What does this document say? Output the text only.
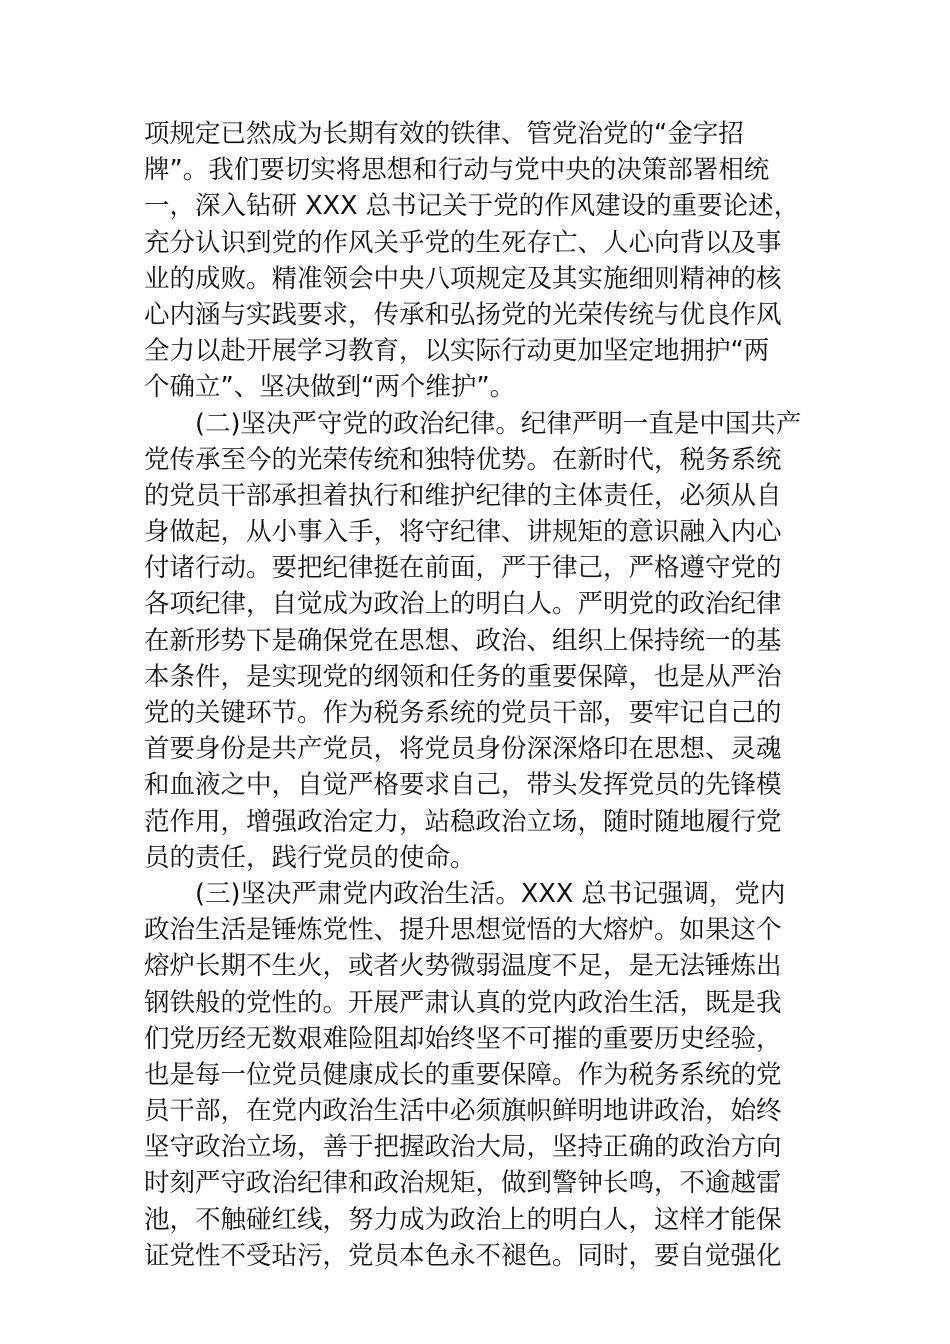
项规定已然成为长期有效的铁律、管党治党的“金字招
牌”。我们要切实将思想和行动与党中央的决策部署相统
一，深入钻研 XXX 总书记关于党的作风建设的重要论述，
充分认识到党的作风关乎党的生死存亡、人心向背以及事
业的成败。精准领会中央八项规定及其实施细则精神的核
心内涵与实践要求，传承和弘扬党的光荣传统与优良作风
全力以赴开展学习教育，以实际行动更加坚定地拥护“两
个确立”、坚决做到“两个维护”。
　　(二)坚决严守党的政治纪律。纪律严明一直是中国共产
党传承至今的光荣传统和独特优势。在新时代，税务系统
的党员干部承担着执行和维护纪律的主体责任，必须从自
身做起，从小事入手，将守纪律、讲规矩的意识融入内心
付诸行动。要把纪律挺在前面，严于律己，严格遵守党的
各项纪律，自觉成为政治上的明白人。严明党的政治纪律
在新形势下是确保党在思想、政治、组织上保持统一的基
本条件，是实现党的纲领和任务的重要保障，也是从严治
党的关键环节。作为税务系统的党员干部，要牢记自己的
首要身份是共产党员，将党员身份深深烙印在思想、灵魂
和血液之中，自觉严格要求自己，带头发挥党员的先锋模
范作用，增强政治定力，站稳政治立场，随时随地履行党
员的责任，践行党员的使命。
　　(三)坚决严肃党内政治生活。XXX 总书记强调，党内
政治生活是锤炼党性、提升思想觉悟的大熔炉。如果这个
熔炉长期不生火，或者火势微弱温度不足，是无法锤炼出
钢铁般的党性的。开展严肃认真的党内政治生活，既是我
们党历经无数艰难险阻却始终坚不可摧的重要历史经验，
也是每一位党员健康成长的重要保障。作为税务系统的党
员干部，在党内政治生活中必须旗帜鲜明地讲政治，始终
坚守政治立场，善于把握政治大局，坚持正确的政治方向
时刻严守政治纪律和政治规矩，做到警钟长鸣，不逾越雷
池，不触碰红线，努力成为政治上的明白人，这样才能保
证党性不受玷污，党员本色永不褪色。同时，要自觉强化
